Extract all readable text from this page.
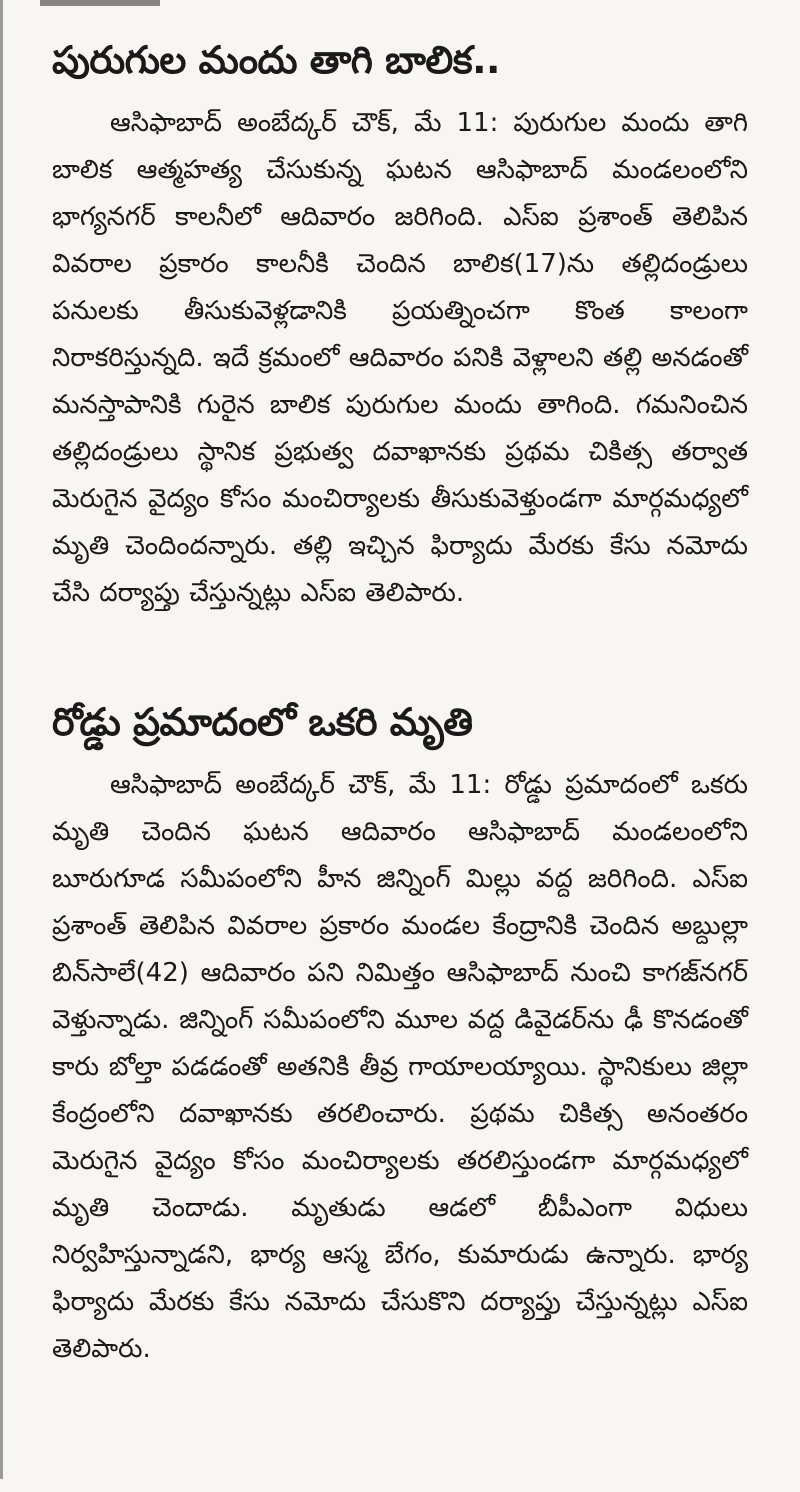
పురుగుల మందు తాగి బాలిక..

ఆసిఫాబాద్ అంబేద్కర్ చౌక్, మే 11: పురుగుల మందు తాగి బాలిక ఆత్మహత్య చేసుకున్న ఘటన ఆసిఫాబాద్ మండలంలోని భాగ్యనగర్ కాలనీలో ఆదివారం జరిగింది. ఎస్ఐ ప్రశాంత్ తెలిపిన వివరాల ప్రకారం కాలనీకి చెందిన బాలిక(17)ను తల్లిదండ్రులు పనులకు తీసుకువెళ్లడానికి ప్రయత్నించగా కొంత కాలంగా నిరాకరిస్తున్నది. ఇదే క్రమంలో ఆదివారం పనికి వెళ్లాలని తల్లి అనడంతో మనస్తాపానికి గురైన బాలిక పురుగుల మందు తాగింది. గమనించిన తల్లిదండ్రులు స్థానిక ప్రభుత్వ దవాఖానకు ప్రథమ చికిత్స తర్వాత మెరుగైన వైద్యం కోసం మంచిర్యాలకు తీసుకువెళ్తుండగా మార్గమధ్యలో మృతి చెందిందన్నారు. తల్లి ఇచ్చిన ఫిర్యాదు మేరకు కేసు నమోదు చేసి దర్యాప్తు చేస్తున్నట్లు ఎస్ఐ తెలిపారు.

రోడ్డు ప్రమాదంలో ఒకరి మృతి

ఆసిఫాబాద్ అంబేద్కర్ చౌక్, మే 11: రోడ్డు ప్రమాదంలో ఒకరు మృతి చెందిన ఘటన ఆదివారం ఆసిఫాబాద్ మండలంలోని బూరుగూడ సమీపంలోని హీన జిన్నింగ్ మిల్లు వద్ద జరిగింది. ఎస్ఐ ప్రశాంత్ తెలిపిన వివరాల ప్రకారం మండల కేంద్రానికి చెందిన అబ్దుల్లా బిన్‌సాలే(42) ఆదివారం పని నిమిత్తం ఆసిఫాబాద్ నుంచి కాగజ్‌నగర్ వెళ్తున్నాడు. జిన్నింగ్ సమీపంలోని మూల వద్ద డివైడర్‌ను ఢీ కొనడంతో కారు బోల్తా పడడంతో అతనికి తీవ్ర గాయాలయ్యాయి. స్థానికులు జిల్లా కేంద్రంలోని దవాఖానకు తరలించారు. ప్రథమ చికిత్స అనంతరం మెరుగైన వైద్యం కోసం మంచిర్యాలకు తరలిస్తుండగా మార్గమధ్యలో మృతి చెందాడు. మృతుడు ఆడలో బీపీఎంగా విధులు నిర్వహిస్తున్నాడని, భార్య ఆస్మ బేగం, కుమారుడు ఉన్నారు. భార్య ఫిర్యాదు మేరకు కేసు నమోదు చేసుకొని దర్యాప్తు చేస్తున్నట్లు ఎస్ఐ తెలిపారు.
